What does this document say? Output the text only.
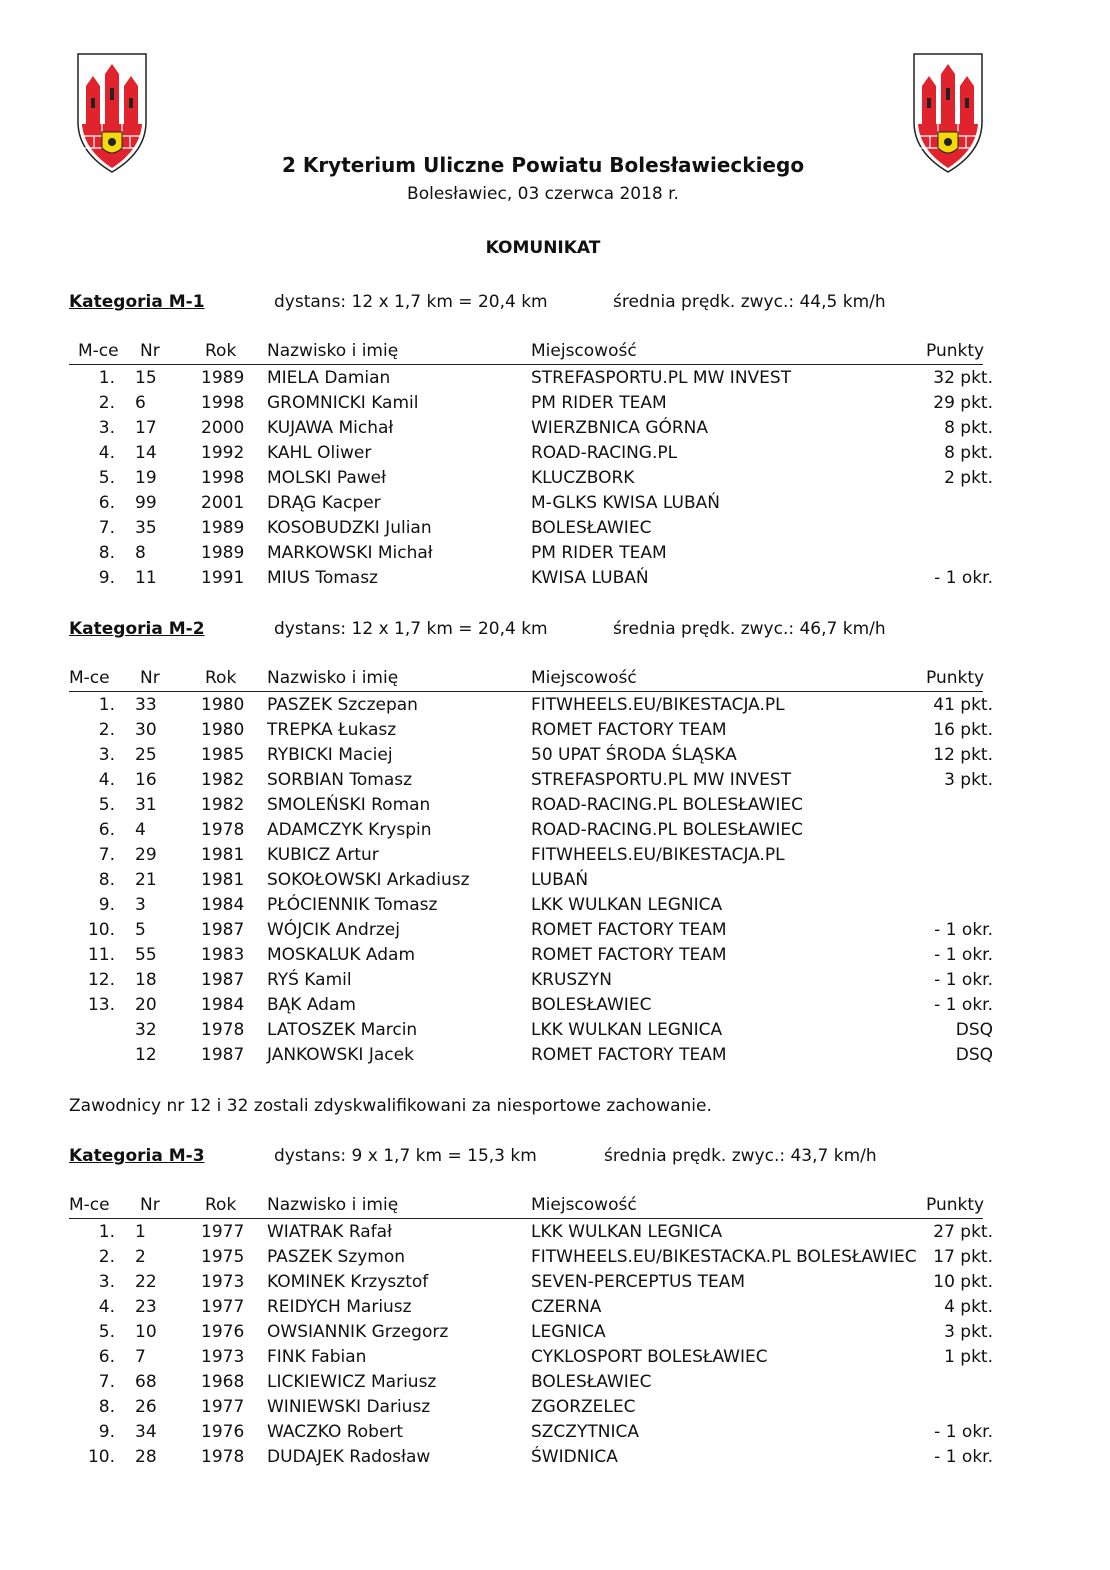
2 Kryterium Uliczne Powiatu Bolesławieckiego
Bolesławiec, 03 czerwca 2018 r.
KOMUNIKAT
Kategoria M-1	dystans: 12 x 1,7 km = 20,4 km	średnia prędk. zwyc.: 44,5 km/h
M-ce Nr	Rok Nazwisko i imię	Miejscowość	Punkty
1. 15	1989 MIELA Damian	STREFASPORTU.PL MW INVEST	32 pkt.
2. 6	1998 GROMNICKI Kamil	PM RIDER TEAM	29 pkt.
3. 17	2000 KUJAWA Michał	WIERZBNICA GÓRNA	8 pkt.
4. 14	1992 KAHL Oliwer	ROAD-RACING.PL	8 pkt.
5. 19	1998 MOLSKI Paweł	KLUCZBORK	2 pkt.
6. 99	2001 DRĄG Kacper	M-GLKS KWISA LUBAŃ
7. 35	1989 KOSOBUDZKI Julian	BOLESŁAWIEC
8. 8	1989 MARKOWSKI Michał	PM RIDER TEAM
9. 11	1991 MIUS Tomasz	KWISA LUBAŃ	- 1 okr.
Kategoria M-2	dystans: 12 x 1,7 km = 20,4 km	średnia prędk. zwyc.: 46,7 km/h
M-ce Nr	Rok Nazwisko i imię	Miejscowość	Punkty
1. 33	1980 PASZEK Szczepan	FITWHEELS.EU/BIKESTACJA.PL	41 pkt.
2. 30	1980 TREPKA Łukasz	ROMET FACTORY TEAM	16 pkt.
3. 25	1985 RYBICKI Maciej	50 UPAT ŚRODA ŚLĄSKA	12 pkt.
4. 16	1982 SORBIAN Tomasz	STREFASPORTU.PL MW INVEST	3 pkt.
5. 31	1982 SMOLEŃSKI Roman	ROAD-RACING.PL BOLESŁAWIEC
6. 4	1978 ADAMCZYK Kryspin	ROAD-RACING.PL BOLESŁAWIEC
7. 29	1981 KUBICZ Artur	FITWHEELS.EU/BIKESTACJA.PL
8. 21	1981 SOKOŁOWSKI Arkadiusz	LUBAŃ
9. 3	1984 PŁÓCIENNIK Tomasz	LKK WULKAN LEGNICA
10. 5	1987 WÓJCIK Andrzej	ROMET FACTORY TEAM	- 1 okr.
11. 55	1983 MOSKALUK Adam	ROMET FACTORY TEAM	- 1 okr.
12. 18	1987 RYŚ Kamil	KRUSZYN	- 1 okr.
13. 20	1984 BĄK Adam	BOLESŁAWIEC	- 1 okr.
32	1978 LATOSZEK Marcin	LKK WULKAN LEGNICA	DSQ
12	1987 JANKOWSKI Jacek	ROMET FACTORY TEAM	DSQ
Kategoria M-3	dystans: 9 x 1,7 km = 15,3 km	średnia prędk. zwyc.: 43,7 km/h
M-ce Nr	Rok Nazwisko i imię	Miejscowość	Punkty
1. 1	1977 WIATRAK Rafał	LKK WULKAN LEGNICA	27 pkt.
2. 2	1975 PASZEK Szymon	FITWHEELS.EU/BIKESTACKA.PL BOLESŁAWIEC 17 pkt.
3. 22	1973 KOMINEK Krzysztof	SEVEN-PERCEPTUS TEAM	10 pkt.
4. 23	1977 REIDYCH Mariusz	CZERNA	4 pkt.
5. 10	1976 OWSIANNIK Grzegorz	LEGNICA	3 pkt.
6. 7	1973 FINK Fabian	CYKLOSPORT BOLESŁAWIEC	1 pkt.
7. 68	1968 LICKIEWICZ Mariusz	BOLESŁAWIEC
8. 26	1977 WINIEWSKI Dariusz	ZGORZELEC
9. 34	1976 WACZKO Robert	SZCZYTNICA	- 1 okr.
10. 28	1978 DUDAJEK Radosław	ŚWIDNICA	- 1 okr.
Zawodnicy nr 12 i 32 zostali zdyskwalifikowani za niesportowe zachowanie.
